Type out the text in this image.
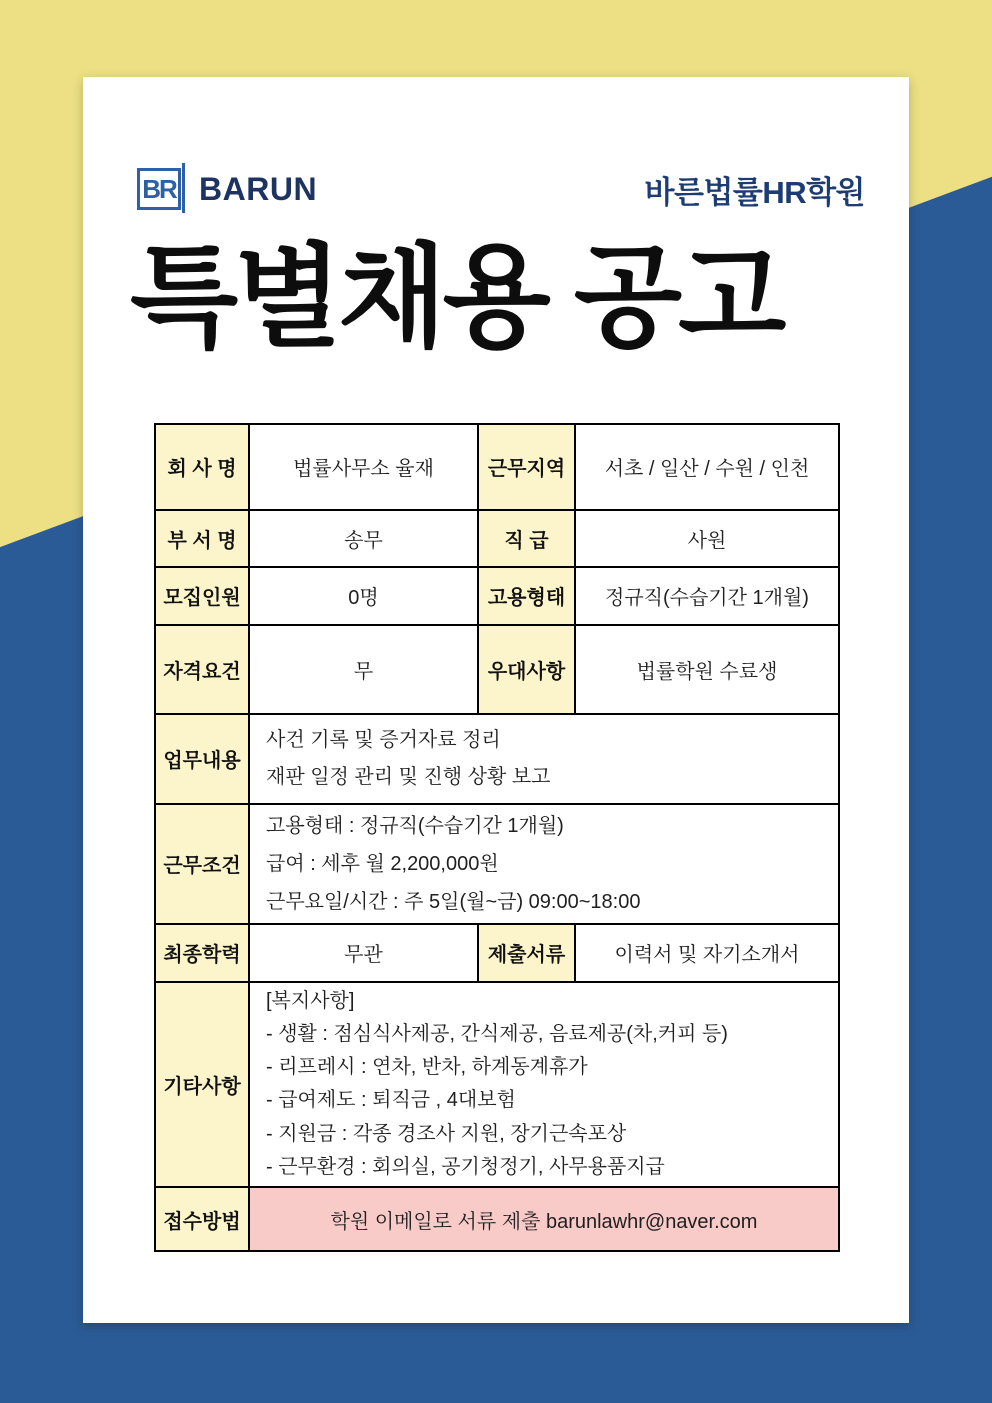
BR BARUN	바른법률HR학원
특별채용 공고
회 사 명	법률사무소 율재	근무지역	서초 / 일산 / 수원 / 인천
부 서 명	송무	직 급	사원
모집인원	0명	고용형태	정규직(수습기간 1개월)
자격요건	무	우대사항	법률학원 수료생
업무내용	사건 기록 및 증거자료 정리
재판 일정 관리 및 진행 상황 보고		

근무조건	고용형태 : 정규직(수습기간 1개월)
급여 : 세후 월 2,200,000원
근무요일/시간 : 주 5일(월~금) 09:00~18:00		

최종학력	무관	제출서류	이력서 및 자기소개서
기타사항	
[복지사항]
- 생활 : 점심식사제공, 간식제공, 음료제공(차,커피 등)
- 리프레시 : 연차, 반차, 하계동계휴가
- 급여제도 : 퇴직금 , 4대보험
- 지원금 : 각종 경조사 지원, 장기근속포상
- 근무환경 : 회의실, 공기청정기, 사무용품지급

접수방법	학원 이메일로 서류 제출 barunlawhr@naver.com		
